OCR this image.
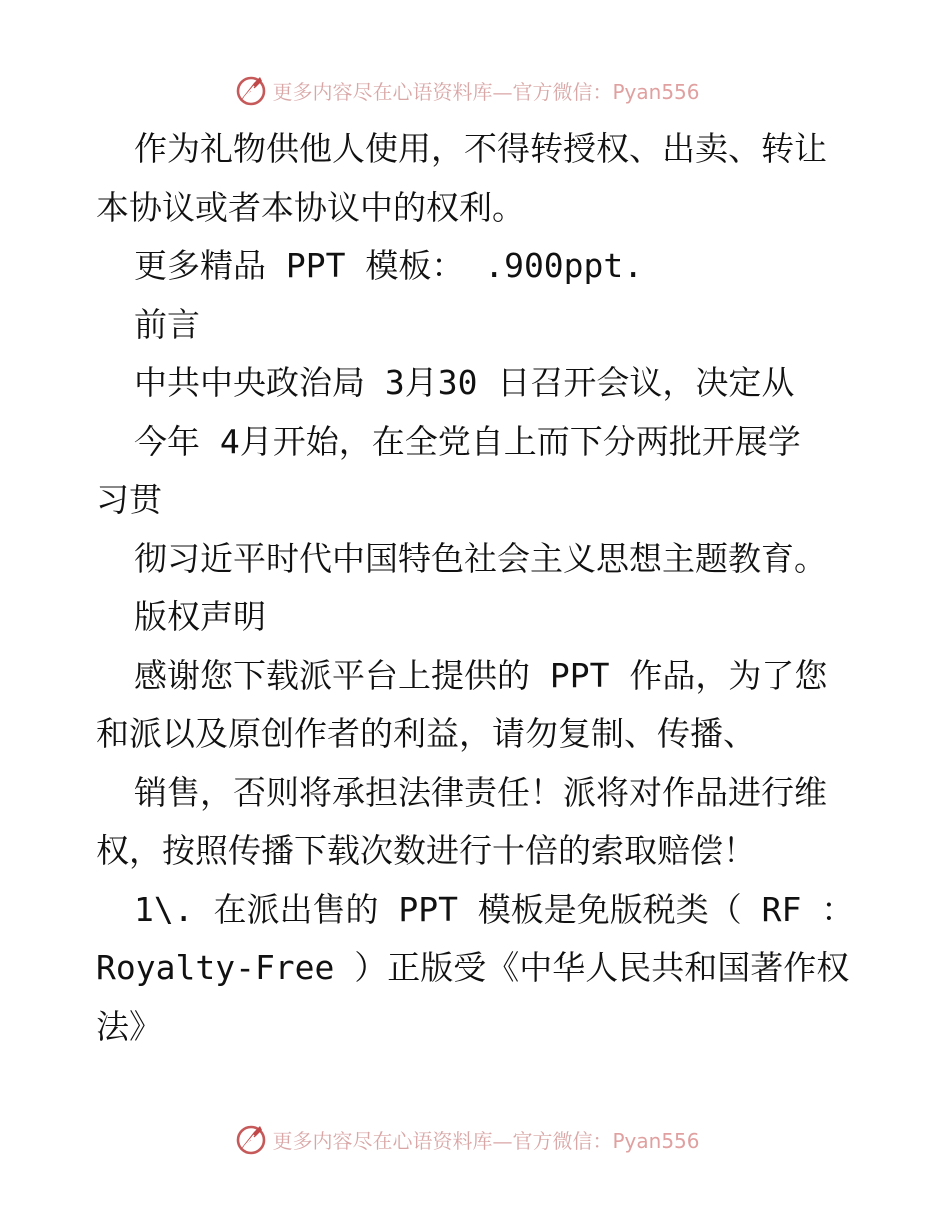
更多内容尽在心语资料库—官方微信：Pyan556
作为礼物供他人使用，不得转授权、出卖、转让
本协议或者本协议中的权利。
更多精品 PPT 模板： .900ppt.
前言
中共中央政治局 3月30 日召开会议，决定从
今年 4月开始，在全党自上而下分两批开展学
习贯
彻习近平时代中国特色社会主义思想主题教育。
版权声明
感谢您下载派平台上提供的 PPT 作品，为了您
和派以及原创作者的利益，请勿复制、传播、
销售，否则将承担法律责任！派将对作品进行维
权，按照传播下载次数进行十倍的索取赔偿！
1\. 在派出售的 PPT 模板是免版税类（ RF ：
Royalty-Free ）正版受《中华人民共和国著作权
法》
更多内容尽在心语资料库—官方微信：Pyan556
